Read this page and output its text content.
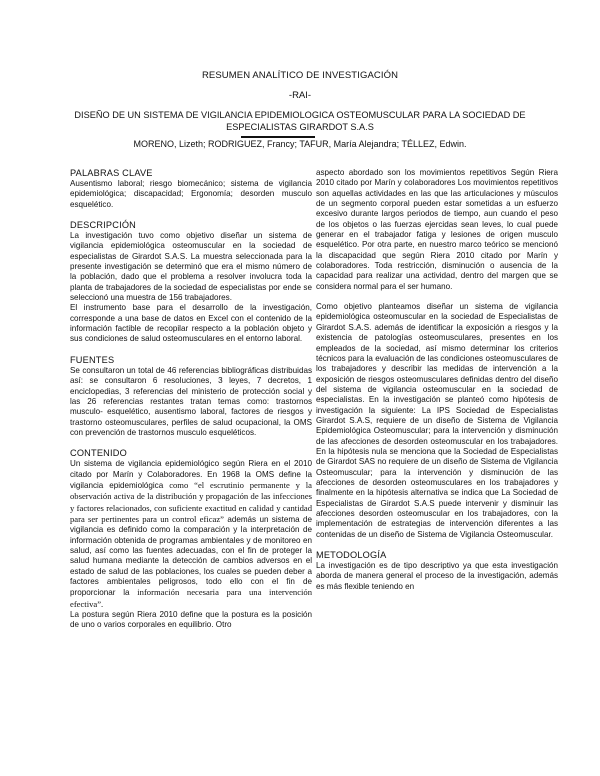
RESUMEN ANALÍTICO DE INVESTIGACIÓN
-RAI-
DISEÑO DE UN SISTEMA DE VIGILANCIA EPIDEMIOLOGICA OSTEOMUSCULAR PARA LA SOCIEDAD DE ESPECIALISTAS GIRARDOT S.A.S
MORENO, Lizeth; RODRIGUEZ, Francy; TAFUR, María Alejandra; TÉLLEZ, Edwin.

PALABRAS CLAVE

Ausentismo laboral; riesgo biomecánico; sistema de vigilancia epidemiológica; discapacidad; Ergonomía; desorden musculo esquelético.

DESCRIPCIÓN

La investigación tuvo como objetivo diseñar un sistema de vigilancia epidemiológica osteomuscular en la sociedad de especialistas de Girardot S.A.S. La muestra seleccionada para la presente investigación se determinó que era el mismo número de la población, dado que el problema a resolver involucra toda la planta de trabajadores de la sociedad de especialistas por ende se seleccionó una muestra de 156 trabajadores.

El instrumento base para el desarrollo de la investigación, corresponde a una base de datos en Excel con el contenido de la información factible de recopilar respecto a la población objeto y sus condiciones de salud osteomusculares en el entorno laboral.

FUENTES

Se consultaron un total de 46 referencias bibliográficas distribuidas así: se consultaron 6 resoluciones, 3 leyes, 7 decretos, 1 enciclopedias, 3 referencias del ministerio de protección social y las 26 referencias restantes tratan temas como: trastornos musculo- esquelético, ausentismo laboral, factores de riesgos y trastorno osteomusculares, perfiles de salud ocupacional, la OMS con prevención de trastornos musculo esqueléticos.

CONTENIDO

Un sistema de vigilancia epidemiológico según Riera en el 2010 citado por Marín y Colaboradores. En 1968 la OMS define la vigilancia epidemiológica como “el escrutinio permanente y la observación activa de la distribución y propagación de las infecciones y factores relacionados, con suficiente exactitud en calidad y cantidad para ser pertinentes para un control eficaz” además un sistema de vigilancia es definido como la comparación y la interpretación de información obtenida de programas ambientales y de monitoreo en salud, así como las fuentes adecuadas, con el fin de proteger la salud humana mediante la detección de cambios adversos en el estado de salud de las poblaciones, los cuales se pueden deber a factores ambientales peligrosos, todo ello con el fin de proporcionar la información necesaria para una intervención efectiva”.

La postura según Riera 2010 define que la postura es la posición de uno o varios corporales en equilibrio. Otro

aspecto abordado son los movimientos repetitivos Según Riera 2010 citado por Marín y colaboradores Los movimientos repetitivos son aquellas actividades en las que las articulaciones y músculos de un segmento corporal pueden estar sometidas a un esfuerzo excesivo durante largos periodos de tiempo, aun cuando el peso de los objetos o las fuerzas ejercidas sean leves, lo cual puede generar en el trabajador fatiga y lesiones de origen musculo esquelético. Por otra parte, en nuestro marco teórico se mencionó la discapacidad que según Riera 2010 citado por Marín y colaboradores. Toda restricción, disminución o ausencia de la capacidad para realizar una actividad, dentro del margen que se considera normal para el ser humano.

Como objetivo planteamos diseñar un sistema de vigilancia epidemiológica osteomuscular en la sociedad de Especialistas de Girardot S.A.S. además de identificar la exposición a riesgos y la existencia de patologías osteomusculares, presentes en los empleados de la sociedad, así mismo determinar los criterios técnicos para la evaluación de las condiciones osteomusculares de los trabajadores y describir las medidas de intervención a la exposición de riesgos osteomusculares definidas dentro del diseño del sistema de vigilancia osteomuscular en la sociedad de especialistas. En la investigación se planteó como hipótesis de investigación la siguiente: La IPS Sociedad de Especialistas Girardot S.A.S, requiere de un diseño de Sistema de Vigilancia Epidemiológica Osteomuscular; para la intervención y disminución de las afecciones de desorden osteomuscular en los trabajadores. En la hipótesis nula se menciona que la Sociedad de Especialistas de Girardot SAS no requiere de un diseño de Sistema de Vigilancia Osteomuscular; para la intervención y disminución de las afecciones de desorden osteomusculares en los trabajadores y finalmente en la hipótesis alternativa se indica que La Sociedad de Especialistas de Girardot S.A.S puede intervenir y disminuir las afecciones desorden osteomuscular en los trabajadores, con la implementación de estrategias de intervención diferentes a las contenidas de un diseño de Sistema de Vigilancia Osteomuscular.

METODOLOGÍA

La investigación es de tipo descriptivo ya que esta investigación aborda de manera general el proceso de la investigación, además es más flexible teniendo en
